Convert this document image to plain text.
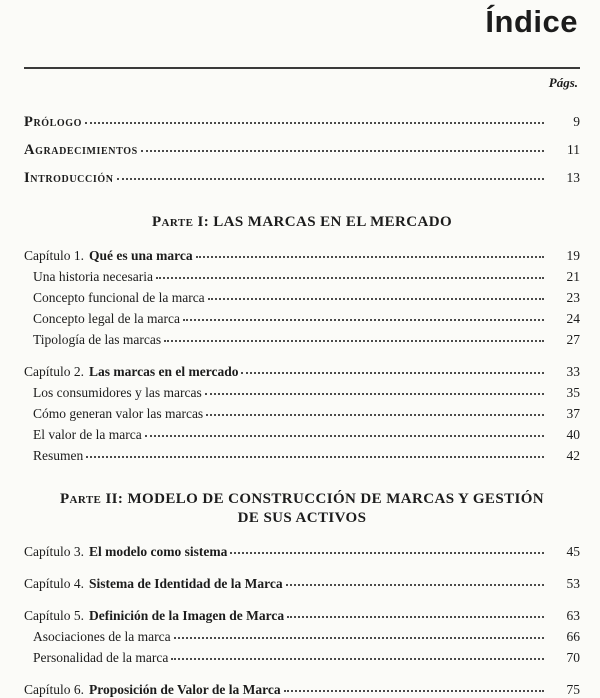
Índice
Págs.
Prólogo	9
Agradecimientos	11
Introducción	13
Parte I: LAS MARCAS EN EL MERCADO
Capítulo 1. Qué es una marca	19
Una historia necesaria	21
Concepto funcional de la marca	23
Concepto legal de la marca	24
Tipología de las marcas	27
Capítulo 2. Las marcas en el mercado	33
Los consumidores y las marcas	35
Cómo generan valor las marcas	37
El valor de la marca	40
Resumen	42
Parte II: MODELO DE CONSTRUCCIÓN DE MARCAS Y GESTIÓN
DE SUS ACTIVOS
Capítulo 3. El modelo como sistema	45
Capítulo 4. Sistema de Identidad de la Marca	53
Capítulo 5. Definición de la Imagen de Marca	63
Asociaciones de la marca	66
Personalidad de la marca	70
Capítulo 6. Proposición de Valor de la Marca	75
